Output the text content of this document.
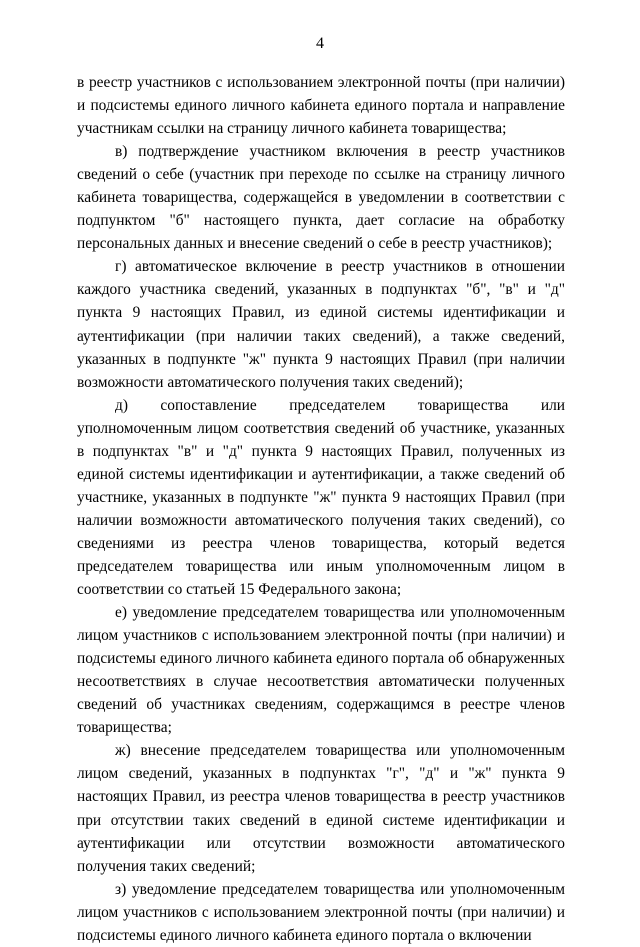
4

в реестр участников с использованием электронной почты (при наличии) и подсистемы единого личного кабинета единого портала и направление участникам ссылки на страницу личного кабинета товарищества;

в) подтверждение участником включения в реестр участников сведений о себе (участник при переходе по ссылке на страницу личного кабинета товарищества, содержащейся в уведомлении в соответствии с подпунктом "б" настоящего пункта, дает согласие на обработку персональных данных и внесение сведений о себе в реестр участников);

г) автоматическое включение в реестр участников в отношении каждого участника сведений, указанных в подпунктах "б", "в" и "д" пункта 9 настоящих Правил, из единой системы идентификации и аутентификации (при наличии таких сведений), а также сведений, указанных в подпункте "ж" пункта 9 настоящих Правил (при наличии возможности автоматического получения таких сведений);

д) сопоставление председателем товарищества или уполномоченным лицом соответствия сведений об участнике, указанных в подпунктах "в" и "д" пункта 9 настоящих Правил, полученных из единой системы идентификации и аутентификации, а также сведений об участнике, указанных в подпункте "ж" пункта 9 настоящих Правил (при наличии возможности автоматического получения таких сведений), со сведениями из реестра членов товарищества, который ведется председателем товарищества или иным уполномоченным лицом в соответствии со статьей 15 Федерального закона;

е) уведомление председателем товарищества или уполномоченным лицом участников с использованием электронной почты (при наличии) и подсистемы единого личного кабинета единого портала об обнаруженных несоответствиях в случае несоответствия автоматически полученных сведений об участниках сведениям, содержащимся в реестре членов товарищества;

ж) внесение председателем товарищества или уполномоченным лицом сведений, указанных в подпунктах "г", "д" и "ж" пункта 9 настоящих Правил, из реестра членов товарищества в реестр участников при отсутствии таких сведений в единой системе идентификации и аутентификации или отсутствии возможности автоматического получения таких сведений;

з) уведомление председателем товарищества или уполномоченным лицом участников с использованием электронной почты (при наличии) и подсистемы единого личного кабинета единого портала о включении
